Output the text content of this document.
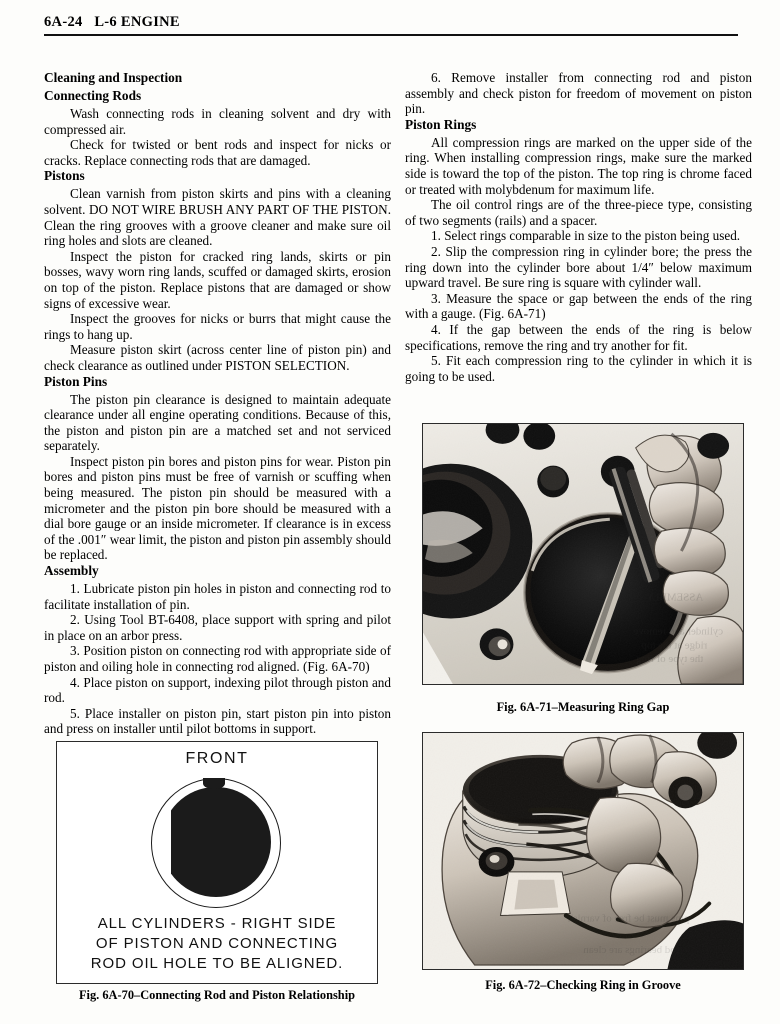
6A-24   L-6 ENGINE
Cleaning and Inspection
Connecting Rods

Wash connecting rods in cleaning solvent and dry with compressed air.

Check for twisted or bent rods and inspect for nicks or cracks. Replace connecting rods that are damaged.

Pistons

Clean varnish from piston skirts and pins with a cleaning solvent. DO NOT WIRE BRUSH ANY PART OF THE PISTON. Clean the ring grooves with a groove cleaner and make sure oil ring holes and slots are cleaned.

Inspect the piston for cracked ring lands, skirts or pin bosses, wavy worn ring lands, scuffed or damaged skirts, erosion on top of the piston. Replace pistons that are damaged or show signs of excessive wear.

Inspect the grooves for nicks or burrs that might cause the rings to hang up.

Measure piston skirt (across center line of piston pin) and check clearance as outlined under PISTON SELECTION.

Piston Pins

The piston pin clearance is designed to maintain adequate clearance under all engine operating conditions. Because of this, the piston and piston pin are a matched set and not serviced separately.

Inspect piston pin bores and piston pins for wear. Piston pin bores and piston pins must be free of varnish or scuffing when being measured. The piston pin should be measured with a micrometer and the piston pin bore should be measured with a dial bore gauge or an inside micrometer. If clearance is in excess of the .001″ wear limit, the piston and piston pin assembly should be replaced.

Assembly

1. Lubricate piston pin holes in piston and connecting rod to facilitate installation of pin.

2. Using Tool BT-6408, place support with spring and pilot in place on an arbor press.

3. Position piston on connecting rod with appropriate side of piston and oiling hole in connecting rod aligned. (Fig. 6A-70)

4. Place piston on support, indexing pilot through piston and rod.

5. Place installer on piston pin, start piston pin into piston and press on installer until pilot bottoms in support.

6. Remove installer from connecting rod and piston assembly and check piston for freedom of movement on piston pin.

Piston Rings

All compression rings are marked on the upper side of the ring. When installing compression rings, make sure the marked side is toward the top of the piston. The top ring is chrome faced or treated with molybdenum for maximum life.

The oil control rings are of the three-piece type, consisting of two segments (rails) and a spacer.

1. Select rings comparable in size to the piston being used.

2. Slip the compression ring in cylinder bore; the press the ring down into the cylinder bore about 1/4″ below maximum upward travel. Be sure ring is square with cylinder wall.

3. Measure the space or gap between the ends of the ring with a gauge. (Fig. 6A-71)

4. If the gap between the ends of the ring is below specifications, remove the ring and try another for fit.

5. Fit each compression ring to the cylinder in which it is going to be used.

ASSEMBLY
cylinder and remove
ridge at the top
the type of ring
Fig. 6A-71–Measuring Ring Gap
FRONT
ALL CYLINDERS - RIGHT SIDE
OF PISTON AND CONNECTING
ROD OIL HOLE TO BE ALIGNED.
Fig. 6A-70–Connecting Rod and Piston Relationship
pins must be free of varnish
rod bearings are clean
Fig. 6A-72–Checking Ring in Groove
